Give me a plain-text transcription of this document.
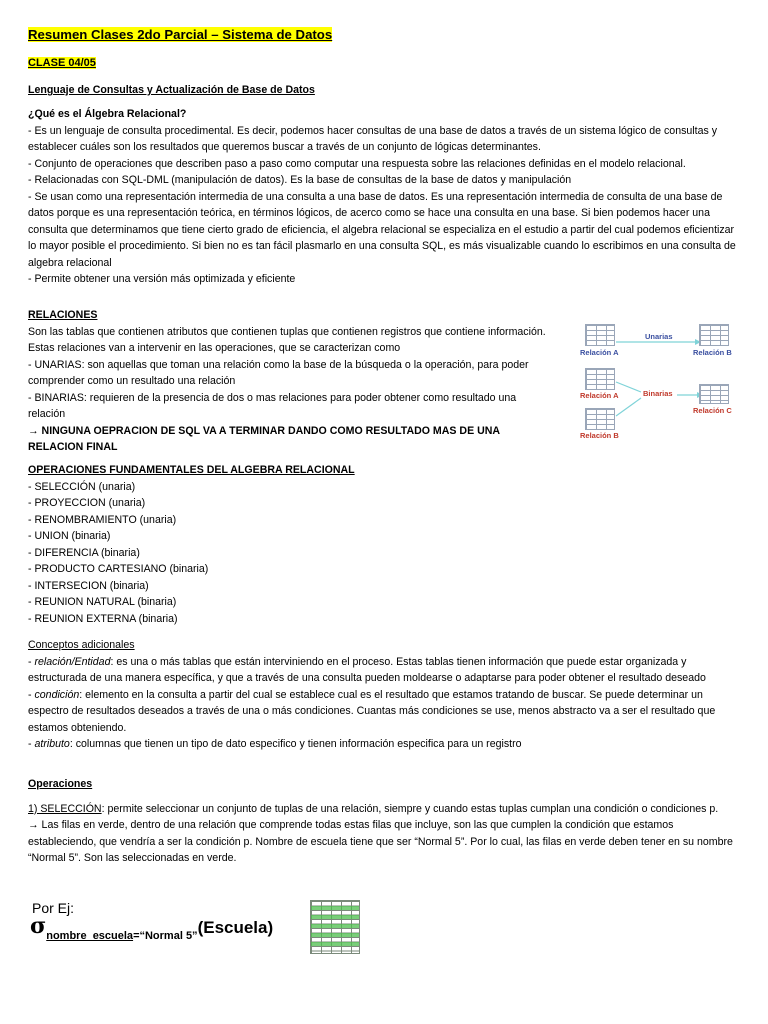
Resumen Clases 2do Parcial – Sistema de Datos
CLASE 04/05
Lenguaje de Consultas y Actualización de Base de Datos

¿Qué es el Álgebra Relacional?

- Es un lenguaje de consulta procedimental. Es decir, podemos hacer consultas de una base de datos a través de un sistema lógico de consultas y establecer cuáles son los resultados que queremos buscar a través de un conjunto de lógicas determinantes.

- Conjunto de operaciones que describen paso a paso como computar una respuesta sobre las relaciones definidas en el modelo relacional.

- Relacionadas con SQL-DML (manipulación de datos). Es la base de consultas de la base de datos y manipulación

- Se usan como una representación intermedia de una consulta a una base de datos. Es una representación intermedia de consulta de una base de datos porque es una representación teórica, en términos lógicos, de acerco como se hace una consulta en una base. Si bien podemos hacer una consulta que determinamos que tiene cierto grado de eficiencia, el algebra relacional se especializa en el estudio a partir del cual podemos eficientizar lo mayor posible el procedimiento. Si bien no es tan fácil plasmarlo en una consulta SQL, es más visualizable cuando lo escribimos en una consulta de algebra relacional

- Permite obtener una versión más optimizada y eficiente

RELACIONES

Son las tablas que contienen atributos que contienen tuplas que contienen registros que contiene información. Estas relaciones van a intervenir en las operaciones, que se caracterizan como

- UNARIAS: son aquellas que toman una relación como la base de la búsqueda o la operación, para poder comprender como un resultado una relación

- BINARIAS: requieren de la presencia de dos o mas relaciones para poder obtener como resultado una relación

→ NINGUNA OEPRACION DE SQL VA A TERMINAR DANDO COMO RESULTADO MAS DE UNA RELACION FINAL

Relación A
Unarias
Relación B
Relación A	Binarias
Relación B
Relación C

OPERACIONES FUNDAMENTALES DEL ALGEBRA RELACIONAL

- SELECCIÓN (unaria)

- PROYECCION (unaria)

- RENOMBRAMIENTO (unaria)

- UNION (binaria)

- DIFERENCIA (binaria)

- PRODUCTO CARTESIANO (binaria)

- INTERSECION (binaria)

- REUNION NATURAL (binaria)

- REUNION EXTERNA (binaria)

Conceptos adicionales

- relación/Entidad: es una o más tablas que están interviniendo en el proceso. Estas tablas tienen información que puede estar organizada y estructurada de una manera específica, y que a través de una consulta pueden moldearse o adaptarse para poder obtener el resultado deseado

- condición: elemento en la consulta a partir del cual se establece cual es el resultado que estamos tratando de buscar. Se puede determinar un espectro de resultados deseados a través de una o más condiciones. Cuantas más condiciones se use, menos abstracto va a ser el resultado que estamos obteniendo.

- atributo: columnas que tienen un tipo de dato especifico y tienen información especifica para un registro

Operaciones

1) SELECCIÓN: permite seleccionar un conjunto de tuplas de una relación, siempre y cuando estas tuplas cumplan una condición o condiciones p.

→ Las filas en verde, dentro de una relación que comprende todas estas filas que incluye, son las que cumplen la condición que estamos estableciendo, que vendría a ser la condición p. Nombre de escuela tiene que ser “Normal 5”. Por lo cual, las filas en verde deben tener en su nombre “Normal 5”. Son las seleccionadas en verde.

Por Ej:
σnombre_escuela=“Normal 5”(Escuela)
